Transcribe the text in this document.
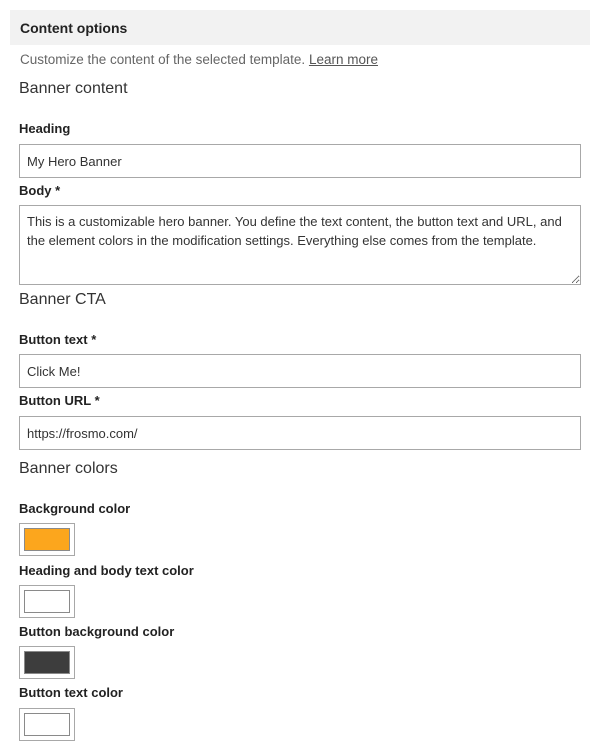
Content options
Customize the content of the selected template. Learn more
Banner content
Heading
My Hero Banner
Body *
This is a customizable hero banner. You define the text content, the button text and URL, and the element colors in the modification settings. Everything else comes from the template.
Banner CTA
Button text *
Click Me!
Button URL *
https://frosmo.com/
Banner colors
Background color
Heading and body text color
Button background color
Button text color
